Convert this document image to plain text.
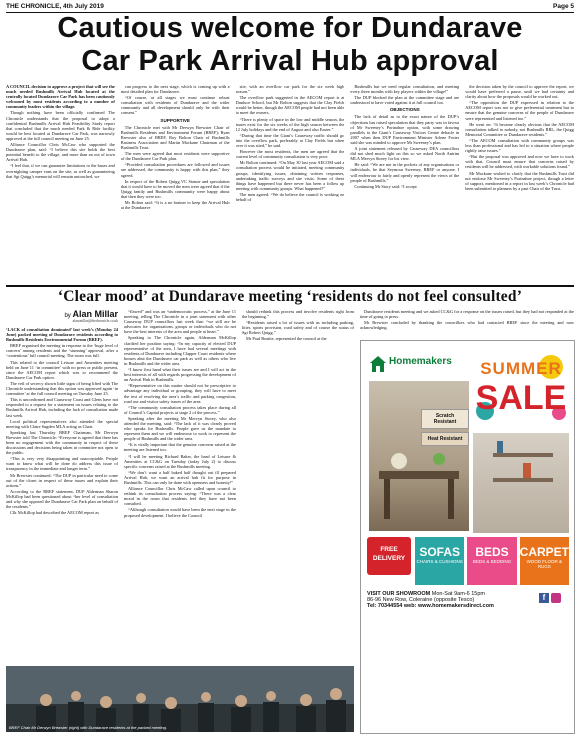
THE CHRONICLE, 4th July 2019	Page 5
Cautious welcome for Dundarave
Car Park Arrival Hub approval

A COUNCIL decision to approve a project that will see the much needed Bushmills Arrival Hub located at the centrally located Dundarave Car Park has been cautiously welcomed by most residents according to a number of community leaders within the village.

Though nothing have been officially confirmed The Chronicle understands that the proposal to adopt a confidential Bushmills Arrival Hub Feasibility Study report that concluded that the much needed Park & Ride facility would be best located at Dundarave Car Park, was narrowly approved at the full council meeting on June 25.

Alliance Councillor Chris McCaw who supported the Dundarave plan, said: “I believe this site holds the best potential benefit to the village, and more than an out of town Arrival Hub.

“I feel that, if we can guarantee limitations to the buses and overnighting camper vans on the site, as well as guaranteeing that Sgt Quigg’s memorial will remain untouched, we

can progress to the next stage, which is coming up with a most detailed plan for Dundarave.

“Of course, at all stages we must continue robust consultation with residents of Dundarave and the wider community and all development should only be with their consent.”

SUPPORTIVE

The Chronicle met with Mr Derwyn Brewster Chair of Bushmills Residents and Environment Forum (BREF); Ryan Brewster also of BREF, Roy Bolton Chair of Bushmills Business Association and Martin Mackane Chairman of the Bushmills Trust.

The men were agreed that most residents were supportive of the Dundarave Car Park plan.

“Provided consultation procedures are followed and issues are addressed, the community is happy with this plan,” they agreed.

In respect of the Robert Quigg VC Statute and speculation that it would have to be moved the men were agreed that if the Quigg family and Bushmills community were happy about that then they were too.

Mr Bolton said: “It is a no brainer to keep the Arrival Hub at the Dundarave

site, with an overflow car park for the six week high season.”

The overflow park suggested in the AECOM report is at Dunluce School, but Mr Bolton suggests that the Clay Fields would be better, though the AECOM people had not been able to meet the owners.

“There is plenty of space in the low and middle season, the issues exist for the six weeks of the high season between the 12 July holidays and the end of August and also Easter.”

“During that time the Giant’s Causeway traffic should go into the overflow park, preferably at Clay Fields but when over it was sited,” he said.

However the most residents, the men are agreed that the current level of community consultation is very poor.

Mr Bolton continued: “On May 30 last year AECOM said a consultation process would be initiated, meeting community groups, identifying issues, obtaining written responses, undertaking traffic surveys and site visits. Some of these things have happened but there never has been a follow up meeting with community groups. What happened?”

The men agreed: “We do believe the council is working on behalf of

Bushmills but we need regular consultation, and meeting every three months with key players within the village!”

The DUP blocked the plan at the committee stage and are understood to have voted against it at full council too.

OBJECTIONS

The lack of detail as to the exact nature of the DUP’s objections has raised speculation that they party was in favour of Mr Sweeney’s Portnaboe option, with some drawing parallels to the Giant’s Causeway Visitors Centre debacle in 2007 when then DUP Environment Minister Arlene Foster said she was minded to approve Mr Sweeney’s plan.

A joint statement released by Causeway DEA councillors did not shed much light on this so we asked North Antrim MLA Mervyn Storey for his view.

He said: “We are not in the pockets of any organisations or individuals, be that Seymour Sweeney, BREF or anyone. I will endeavour to fairly and openly represent the views of the people of Bushmills.”

Continuing Mr Story said: “I accept

the decision taken by the council to approve the report, we would have preferred a pause, until we had certainty and clarity about how the proposals would be worked out.

“The opposition the DUP expressed in relation to the AECOM report was not to give preferential treatment but to ensure that the genuine concerns of the people of Dundarave were represented and listened too.”

He went on: “It became clearly obvious that the AECOM consultation talked to nobody, not Bushmills RBL, the Quigg Memorial Committee or Dundarave residents.”

“The AECOM consultation with community groups was less than professional and has led to a situation where people rightly raise issues.”

“But the proposal was approved and now we have to work with that. Council must ensure that concerns raised by residents will be addressed, with workable solutions found.”

Mr Mackane wished to clarify that the Bushmills Trust did not endorse Mr Sweeney’s Portnaboe project, though a letter of support, mentioned in a report in last week’s Chronicle had been submitted to planners by a past Chair of the Trust.

‘Clear mood’ at Dundarave meeting ‘residents do not feel consulted’
by Alan Millar
alan.millar@thechronicle.co.uk

‘LACK of consultation dominated’ last week’s (Monday 24 June) packed meeting of Dundarave residents according to Bushmills Residents Environmental Forum (BREF).

BREF organised the meeting in response to the ‘huge level of concern’ among residents and the ‘stunning’ approval, after a ‘contentious’ full council meeting. The room was full.

This related to the council Leisure and Amenities meeting held on June 11 ‘in committee’ with no press or public present, since the AECOM report which was to recommend the Dundarave Car Park option.

The veil of secrecy shown little signs of being lifted with The Chronicle understanding that this option was approved again ‘in committee’ at the full council meeting on Tuesday June 25.

This is unconfirmed and Causeway Coast and Glens have not responded to a request for a statement on issues relating to the Bushmills Arrival Hub, including the lack of consultation made last week.

Local political representatives also attended the special meeting with Claire Sugden MLA acting as Chair.

Speaking last Thursday BREF Chairman, Mr Derwyn Brewster told The Chronicle: “Everyone is agreed that there has been no engagement with the community in respect of these discussions and decisions being taken in committee not open to the public.

“This is very very disappointing and unacceptable. People want to know what will be done do address this issue of transparency in the immediate and longer term.”

Mr Brewster continued: “The DUP in particular need to come out of the closet in respect of these issues and explain their actions.”

According to the BREF statement, DUP Alderman Sharon McKillop had been questioned about “her level of consultation and why she opposed the Dundarave Car Park plan on behalf of the residents.”

Cllr McKillop had described the AECOM report as

“flawed” and was an “undemocratic process,” at the June 11 meeting, telling The Chronicle in a joint statement with other Causeway DUP councillors last week that: “we still are be advocates for organisations, groups or individuals who do not have the best interests of the area and people at heart.”

Speaking to The Chronicle again, Alderman McKillop clarified her position saying: “In my capacity of elected DUP representative of the area, I have had several meetings with residents of Dundarave including Clapper Court residents where houses abut the Dundarave car park as well as others who live in Bushmills and the wider area.

“I know first hand what their issues are and I will act in the best interests of all with regards progressing the development of an Arrival Hub in Bushmills.

“Representative on this matter should not be prescriptive to advantage any individual or grouping, they will have to meet the test of resolving the area’s traffic and parking congestion, road use and visitor safety issues of the area.

“The community consultation process takes place during all of Council’s Capital projects at stage 2 of the process.”

Speaking after the meeting Mr Mervyn Storey, who also attended the meeting, said: “The lack of it was clearly proved who speaks for Bushmills. People gave us the mandate to represent them and we will endeavour to work to represent the people of Bushmills and the wider area.

“It is vitally important that the genuine concerns raised at the meeting are listened too.

“I will be meeting Richard Baker, the head of Leisure & Amenities at CC&G on Tuesday (today July 2) to discuss specific concerns raised at the Bushmills meeting.

“We don’t want a half baked half thought out ill prepared Arrival Hub, we want an arrival hub fit for purpose in Bushmills. This can only be done with openness and honesty!”

Alliance Councillor Chris McCaw called upon council to rethink its consultation process saying: “There was a clear mood in the room that residents feel they have not been consulted.

“Although consultation would have been the next stage in the proposed development. I believe the Council

should rethink this process and involve residents right from the beginning.”

“Residents raised a lot of issues with us including parking, litter, sports provision, road safety and of course the status of Sgt Robert Quigg.”

Mr Paul Beattie, represented the council at the

Dundarave residents meeting and we asked CC&G for a response on the issues raised, but they had not responded at the time of going to press.

Mr Brewster concluded by thanking the councillors who had contacted BREF since the meeting and now acknowledging.

BREF Chair Mr Derwyn Brewster (right) with Dundarave residents at the packed meeting.
Homemakers	SUMMER
SALE
Scratch Resistant
Heat Resistant
FREE DELIVERY	SOFAS
CHAIRS & CUSHIONS
BEDS
BEDS & BEDDING
CARPET
WOOD FLOOR & RUGS
VISIT OUR SHOWROOM Mon-Sat 9am-6 15pm
86-96 New Row, Coleraine (opposite Tesco)
Tel: 70344554 web: www.homemakersdirect.com
f
